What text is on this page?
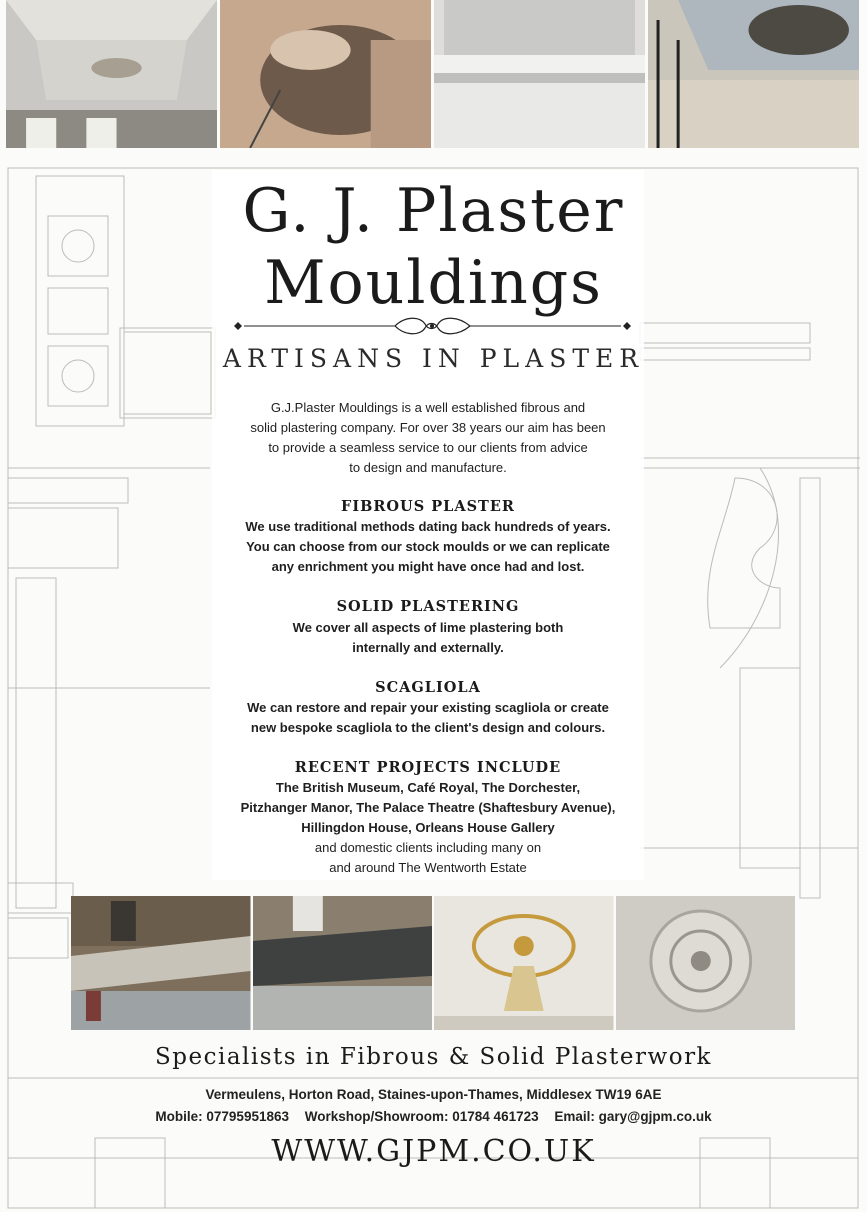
G. J. Plaster
Mouldings
ARTISANS IN PLASTER
G.J.Plaster Mouldings is a well established fibrous and
solid plastering company. For over 38 years our aim has been
to provide a seamless service to our clients from advice
to design and manufacture.
FIBROUS PLASTER
We use traditional methods dating back hundreds of years.
You can choose from our stock moulds or we can replicate
any enrichment you might have once had and lost.
SOLID PLASTERING
We cover all aspects of lime plastering both
internally and externally.
SCAGLIOLA
We can restore and repair your existing scagliola or create
new bespoke scagliola to the client's design and colours.
RECENT PROJECTS INCLUDE
The British Museum, Café Royal, The Dorchester,
Pitzhanger Manor, The Palace Theatre (Shaftesbury Avenue),
Hillingdon House, Orleans House Gallery
and domestic clients including many on
and around The Wentworth Estate
Specialists in Fibrous & Solid Plasterwork
Vermeulens, Horton Road, Staines-upon-Thames, Middlesex TW19 6AE
Mobile: 07795951863 Workshop/Showroom: 01784 461723 Email: gary@gjpm.co.uk
WWW.GJPM.CO.UK
